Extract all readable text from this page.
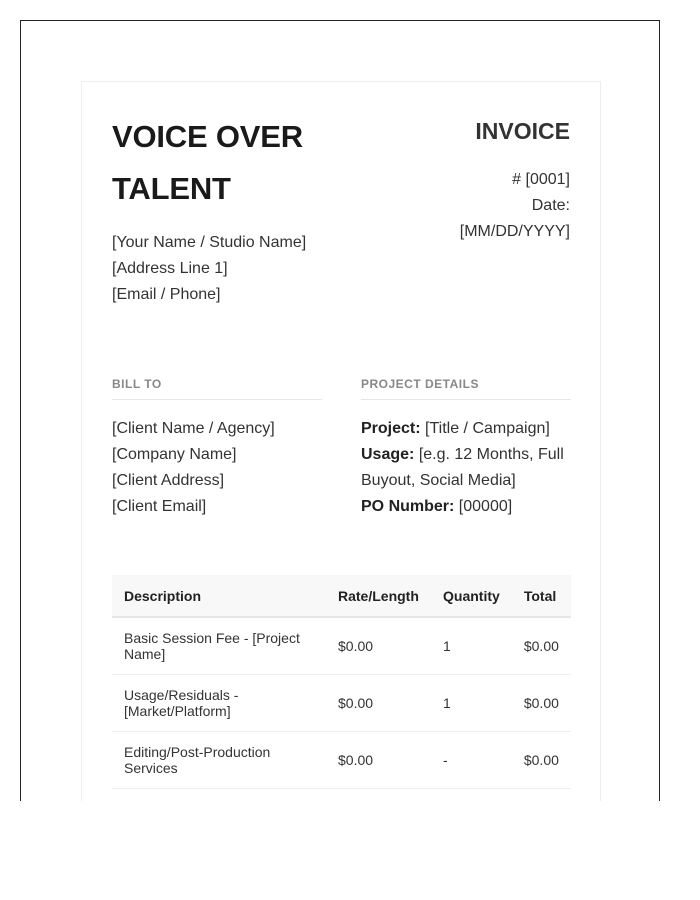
VOICE OVER
TALENT
[Your Name / Studio Name]
[Address Line 1]
[Email / Phone]
INVOICE
# [0001]
Date:
[MM/DD/YYYY]
BILL TO	PROJECT DETAILS
[Client Name / Agency]
[Company Name]
[Client Address]
[Client Email]
Project: [Title / Campaign]
Usage: [e.g. 12 Months, Full Buyout, Social Media]
PO Number: [00000]
Description	Rate/Length	Quantity	Total
Basic Session Fee - [Project Name]	$0.00	1	$0.00
Usage/Residuals - [Market/Platform]	$0.00	1	$0.00
Editing/Post-Production Services	$0.00	-	$0.00
